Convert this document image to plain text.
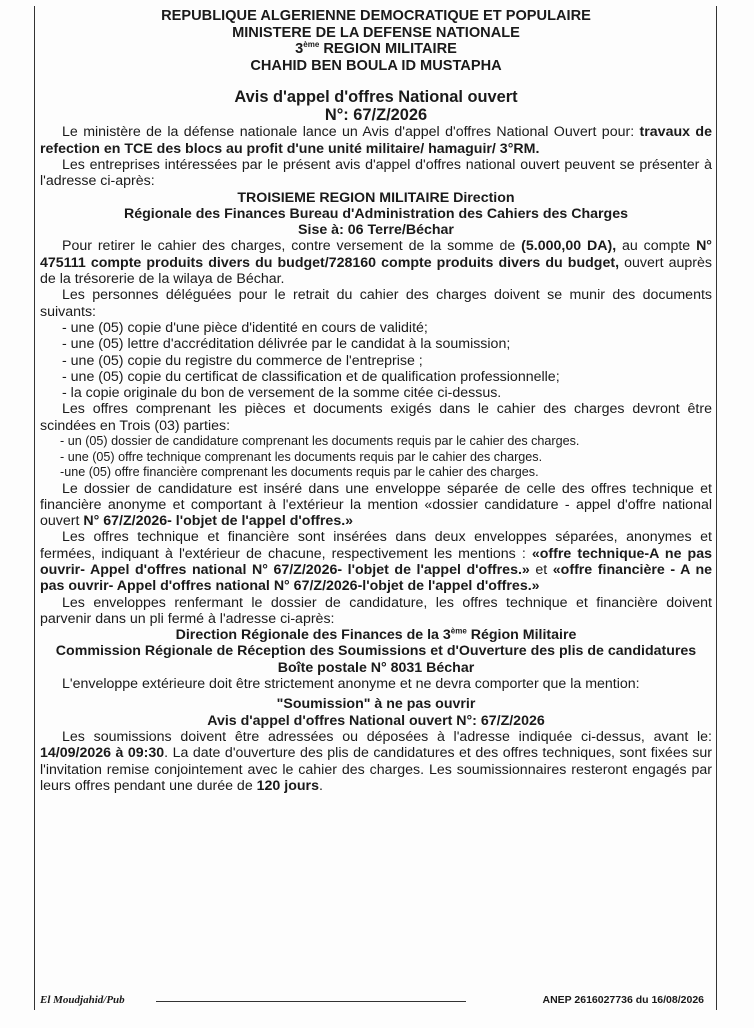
REPUBLIQUE ALGERIENNE DEMOCRATIQUE ET POPULAIRE
MINISTERE DE LA DEFENSE NATIONALE
3ème REGION MILITAIRE
CHAHID BEN BOULA ID MUSTAPHA
Avis d'appel d'offres National ouvert
N°: 67/Z/2026

Le ministère de la défense nationale lance un Avis d'appel d'offres National Ouvert pour: travaux de refection en TCE des blocs au profit d'une unité militaire/ hamaguir/ 3°RM.

Les entreprises intéressées par le présent avis d'appel d'offres national ouvert peuvent se présenter à l'adresse ci-après:

TROISIEME REGION MILITAIRE Direction
Régionale des Finances Bureau d'Administration des Cahiers des Charges
Sise à: 06 Terre/Béchar

Pour retirer le cahier des charges, contre versement de la somme de (5.000,00 DA), au compte N° 475111 compte produits divers du budget/728160 compte produits divers du budget, ouvert auprès de la trésorerie de la wilaya de Béchar.

Les personnes déléguées pour le retrait du cahier des charges doivent se munir des documents suivants:

- une (05) copie d'une pièce d'identité en cours de validité;
- une (05) lettre d'accréditation délivrée par le candidat à la soumission;
- une (05) copie du registre du commerce de l'entreprise ;
- une (05) copie du certificat de classification et de qualification professionnelle;
- la copie originale du bon de versement de la somme citée ci-dessus.

Les offres comprenant les pièces et documents exigés dans le cahier des charges devront être scindées en Trois (03) parties:

- un (05) dossier de candidature comprenant les documents requis par le cahier des charges.
- une (05) offre technique comprenant les documents requis par le cahier des charges.
-une (05) offre financière comprenant les documents requis par le cahier des charges.

Le dossier de candidature est inséré dans une enveloppe séparée de celle des offres technique et financière anonyme et comportant à l'extérieur la mention «dossier candidature - appel d'offre national ouvert N° 67/Z/2026- l'objet de l'appel d'offres.»

Les offres technique et financière sont insérées dans deux enveloppes séparées, anonymes et fermées, indiquant à l'extérieur de chacune, respectivement les mentions : «offre technique-A ne pas ouvrir- Appel d'offres national N° 67/Z/2026- l'objet de l'appel d'offres.» et «offre financière - A ne pas ouvrir- Appel d'offres national N° 67/Z/2026-l'objet de l'appel d'offres.»

Les enveloppes renfermant le dossier de candidature, les offres technique et financière doivent parvenir dans un pli fermé à l'adresse ci-après:

Direction Régionale des Finances de la 3ème Région Militaire
Commission Régionale de Réception des Soumissions et d'Ouverture des plis de candidatures
Boîte postale N° 8031 Béchar

L'enveloppe extérieure doit être strictement anonyme et ne devra comporter que la mention:

"Soumission" à ne pas ouvrir
Avis d'appel d'offres National ouvert N°: 67/Z/2026

Les soumissions doivent être adressées ou déposées à l'adresse indiquée ci-dessus, avant le: 14/09/2026 à 09:30. La date d'ouverture des plis de candidatures et des offres techniques, sont fixées sur l'invitation remise conjointement avec le cahier des charges. Les soumissionnaires resteront engagés par leurs offres pendant une durée de 120 jours.

El Moudjahid/Pub	ANEP 2616027736 du 16/08/2026
